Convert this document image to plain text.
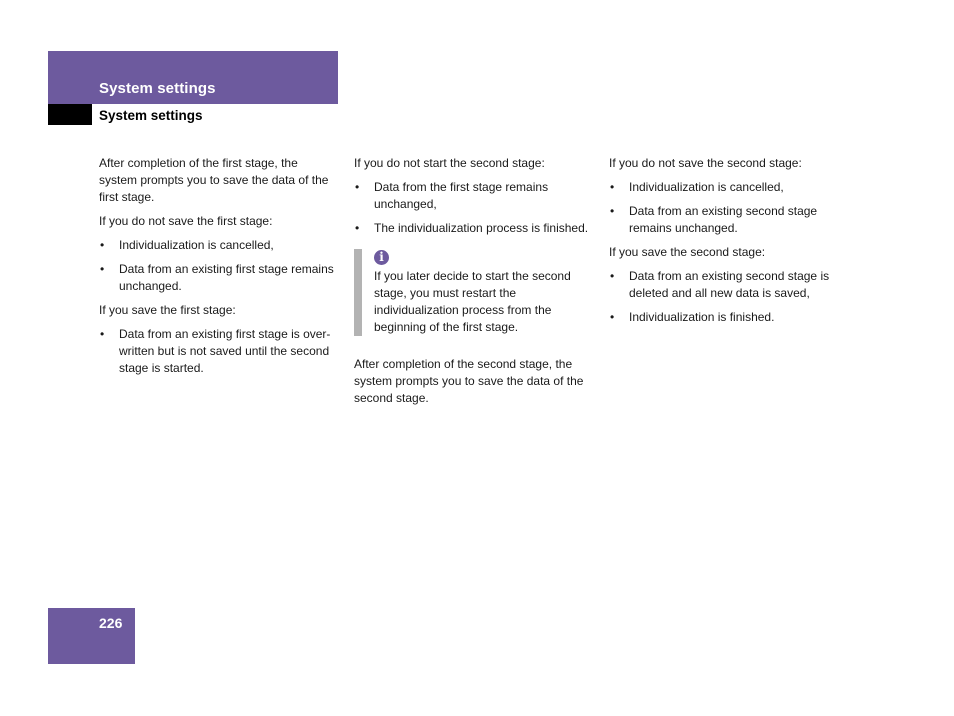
System settings
System settings

After completion of the first stage, the system prompts you to save the data of the first stage.

If you do not save the first stage:

• Individualization is cancelled,
• Data from an existing first stage remains unchanged.

If you save the first stage:

• Data from an existing first stage is over-written but is not saved until the second stage is started.

If you do not start the second stage:

• Data from the first stage remains unchanged,
• The individualization process is finished.
i

If you later decide to start the second stage, you must restart the individualization process from the beginning of the first stage.

After completion of the second stage, the system prompts you to save the data of the second stage.

If you do not save the second stage:

• Individualization is cancelled,
• Data from an existing second stage remains unchanged.

If you save the second stage:

• Data from an existing second stage is deleted and all new data is saved,
• Individualization is finished.
226
